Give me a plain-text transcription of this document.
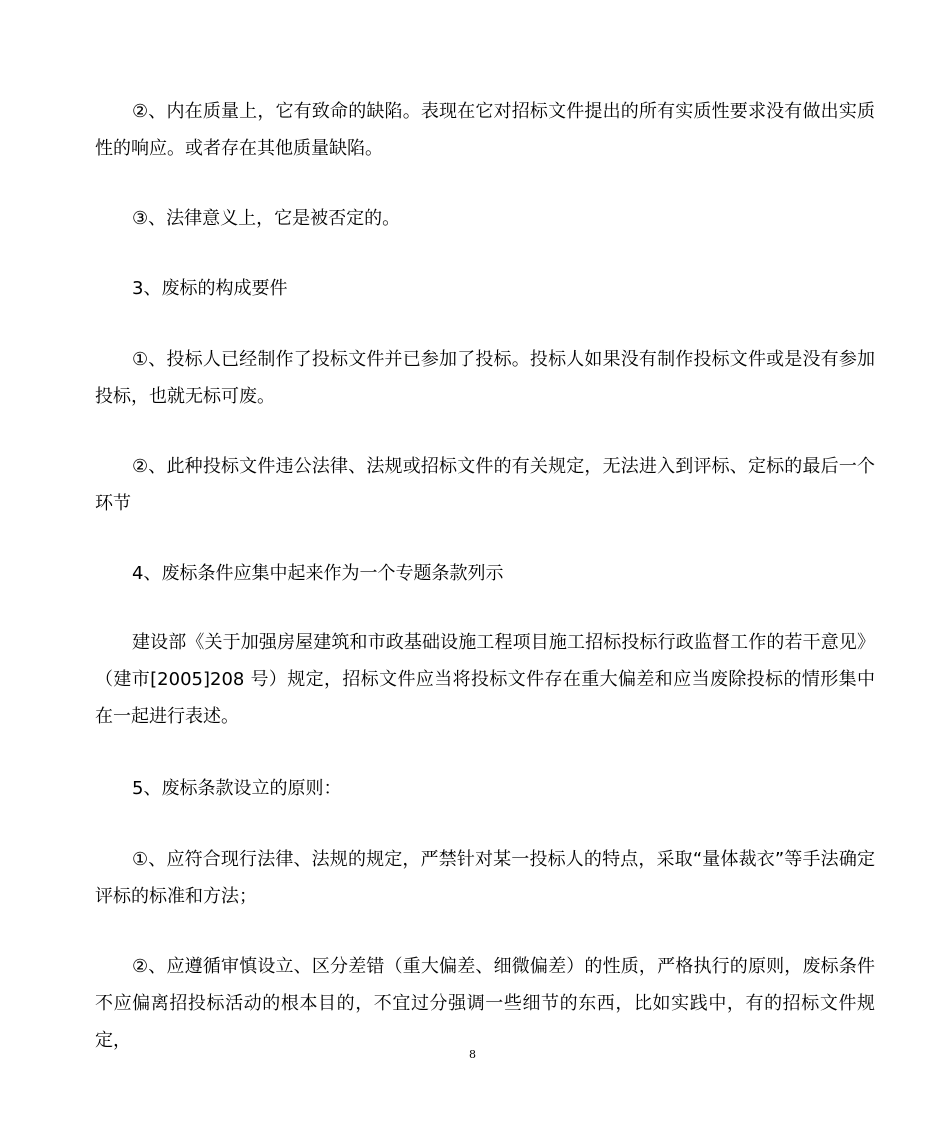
②、内在质量上，它有致命的缺陷。表现在它对招标文件提出的所有实质性要求没有做出实质性的响应。或者存在其他质量缺陷。

③、法律意义上，它是被否定的。

3、废标的构成要件

①、投标人已经制作了投标文件并已参加了投标。投标人如果没有制作投标文件或是没有参加投标，也就无标可废。

②、此种投标文件违公法律、法规或招标文件的有关规定，无法进入到评标、定标的最后一个环节

4、废标条件应集中起来作为一个专题条款列示

建设部《关于加强房屋建筑和市政基础设施工程项目施工招标投标行政监督工作的若干意见》（建市[2005]208 号）规定，招标文件应当将投标文件存在重大偏差和应当废除投标的情形集中在一起进行表述。

5、废标条款设立的原则：

①、应符合现行法律、法规的规定，严禁针对某一投标人的特点，采取“量体裁衣”等手法确定评标的标准和方法；

②、应遵循审慎设立、区分差错（重大偏差、细微偏差）的性质，严格执行的原则，废标条件不应偏离招投标活动的根本目的，不宜过分强调一些细节的东西，比如实践中，有的招标文件规定，

8
